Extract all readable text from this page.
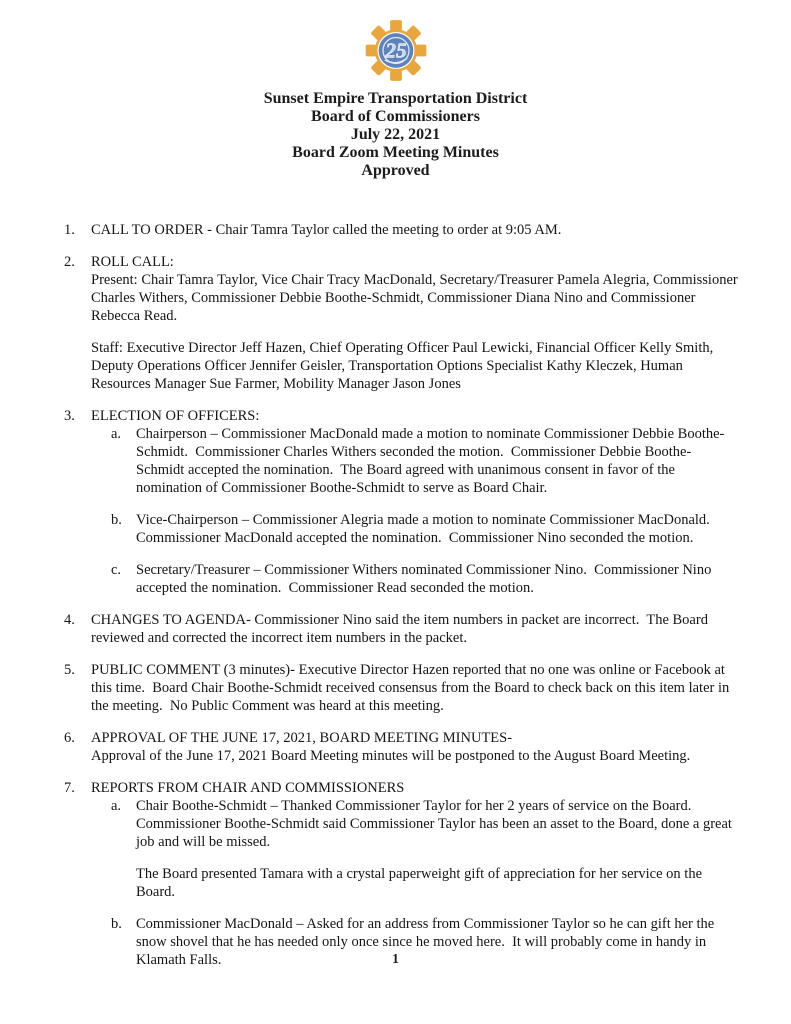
25
Sunset Empire Transportation District
Board of Commissioners
July 22, 2021
Board Zoom Meeting Minutes
Approved
1.	CALL TO ORDER - Chair Tamra Taylor called the meeting to order at 9:05 AM.
2.	ROLL CALL:

Present: Chair Tamra Taylor, Vice Chair Tracy MacDonald, Secretary/Treasurer Pamela Alegria, Commissioner Charles Withers, Commissioner Debbie Boothe-Schmidt, Commissioner Diana Nino and Commissioner Rebecca Read.

Staff: Executive Director Jeff Hazen, Chief Operating Officer Paul Lewicki, Financial Officer Kelly Smith, Deputy Operations Officer Jennifer Geisler, Transportation Options Specialist Kathy Kleczek, Human Resources Manager Sue Farmer, Mobility Manager Jason Jones

3.	ELECTION OF OFFICERS:
a.	Chairperson – Commissioner MacDonald made a motion to nominate Commissioner Debbie Boothe-Schmidt.  Commissioner Charles Withers seconded the motion.  Commissioner Debbie Boothe-Schmidt accepted the nomination.  The Board agreed with unanimous consent in favor of the nomination of Commissioner Boothe-Schmidt to serve as Board Chair.

b. Vice-Chairperson – Commissioner Alegria made a motion to nominate Commissioner MacDonald.  Commissioner MacDonald accepted the nomination.  Commissioner Nino seconded the motion.

c.	Secretary/Treasurer – Commissioner Withers nominated Commissioner Nino.  Commissioner Nino accepted the nomination.  Commissioner Read seconded the motion.

4.	CHANGES TO AGENDA- Commissioner Nino said the item numbers in packet are incorrect.  The Board reviewed and corrected the incorrect item numbers in the packet.
5.	PUBLIC COMMENT (3 minutes)- Executive Director Hazen reported that no one was online or Facebook at this time.  Board Chair Boothe-Schmidt received consensus from the Board to check back on this item later in the meeting.  No Public Comment was heard at this meeting.
6.	APPROVAL OF THE JUNE 17, 2021, BOARD MEETING MINUTES-

Approval of the June 17, 2021 Board Meeting minutes will be postponed to the August Board Meeting.

7.	REPORTS FROM CHAIR AND COMMISSIONERS
a.	Chair Boothe-Schmidt – Thanked Commissioner Taylor for her 2 years of service on the Board.  Commissioner Boothe-Schmidt said Commissioner Taylor has been an asset to the Board, done a great job and will be missed.

The Board presented Tamara with a crystal paperweight gift of appreciation for her service on the Board.

b. Commissioner MacDonald – Asked for an address from Commissioner Taylor so he can gift her the snow shovel that he has needed only once since he moved here.  It will probably come in handy in Klamath Falls.	1
